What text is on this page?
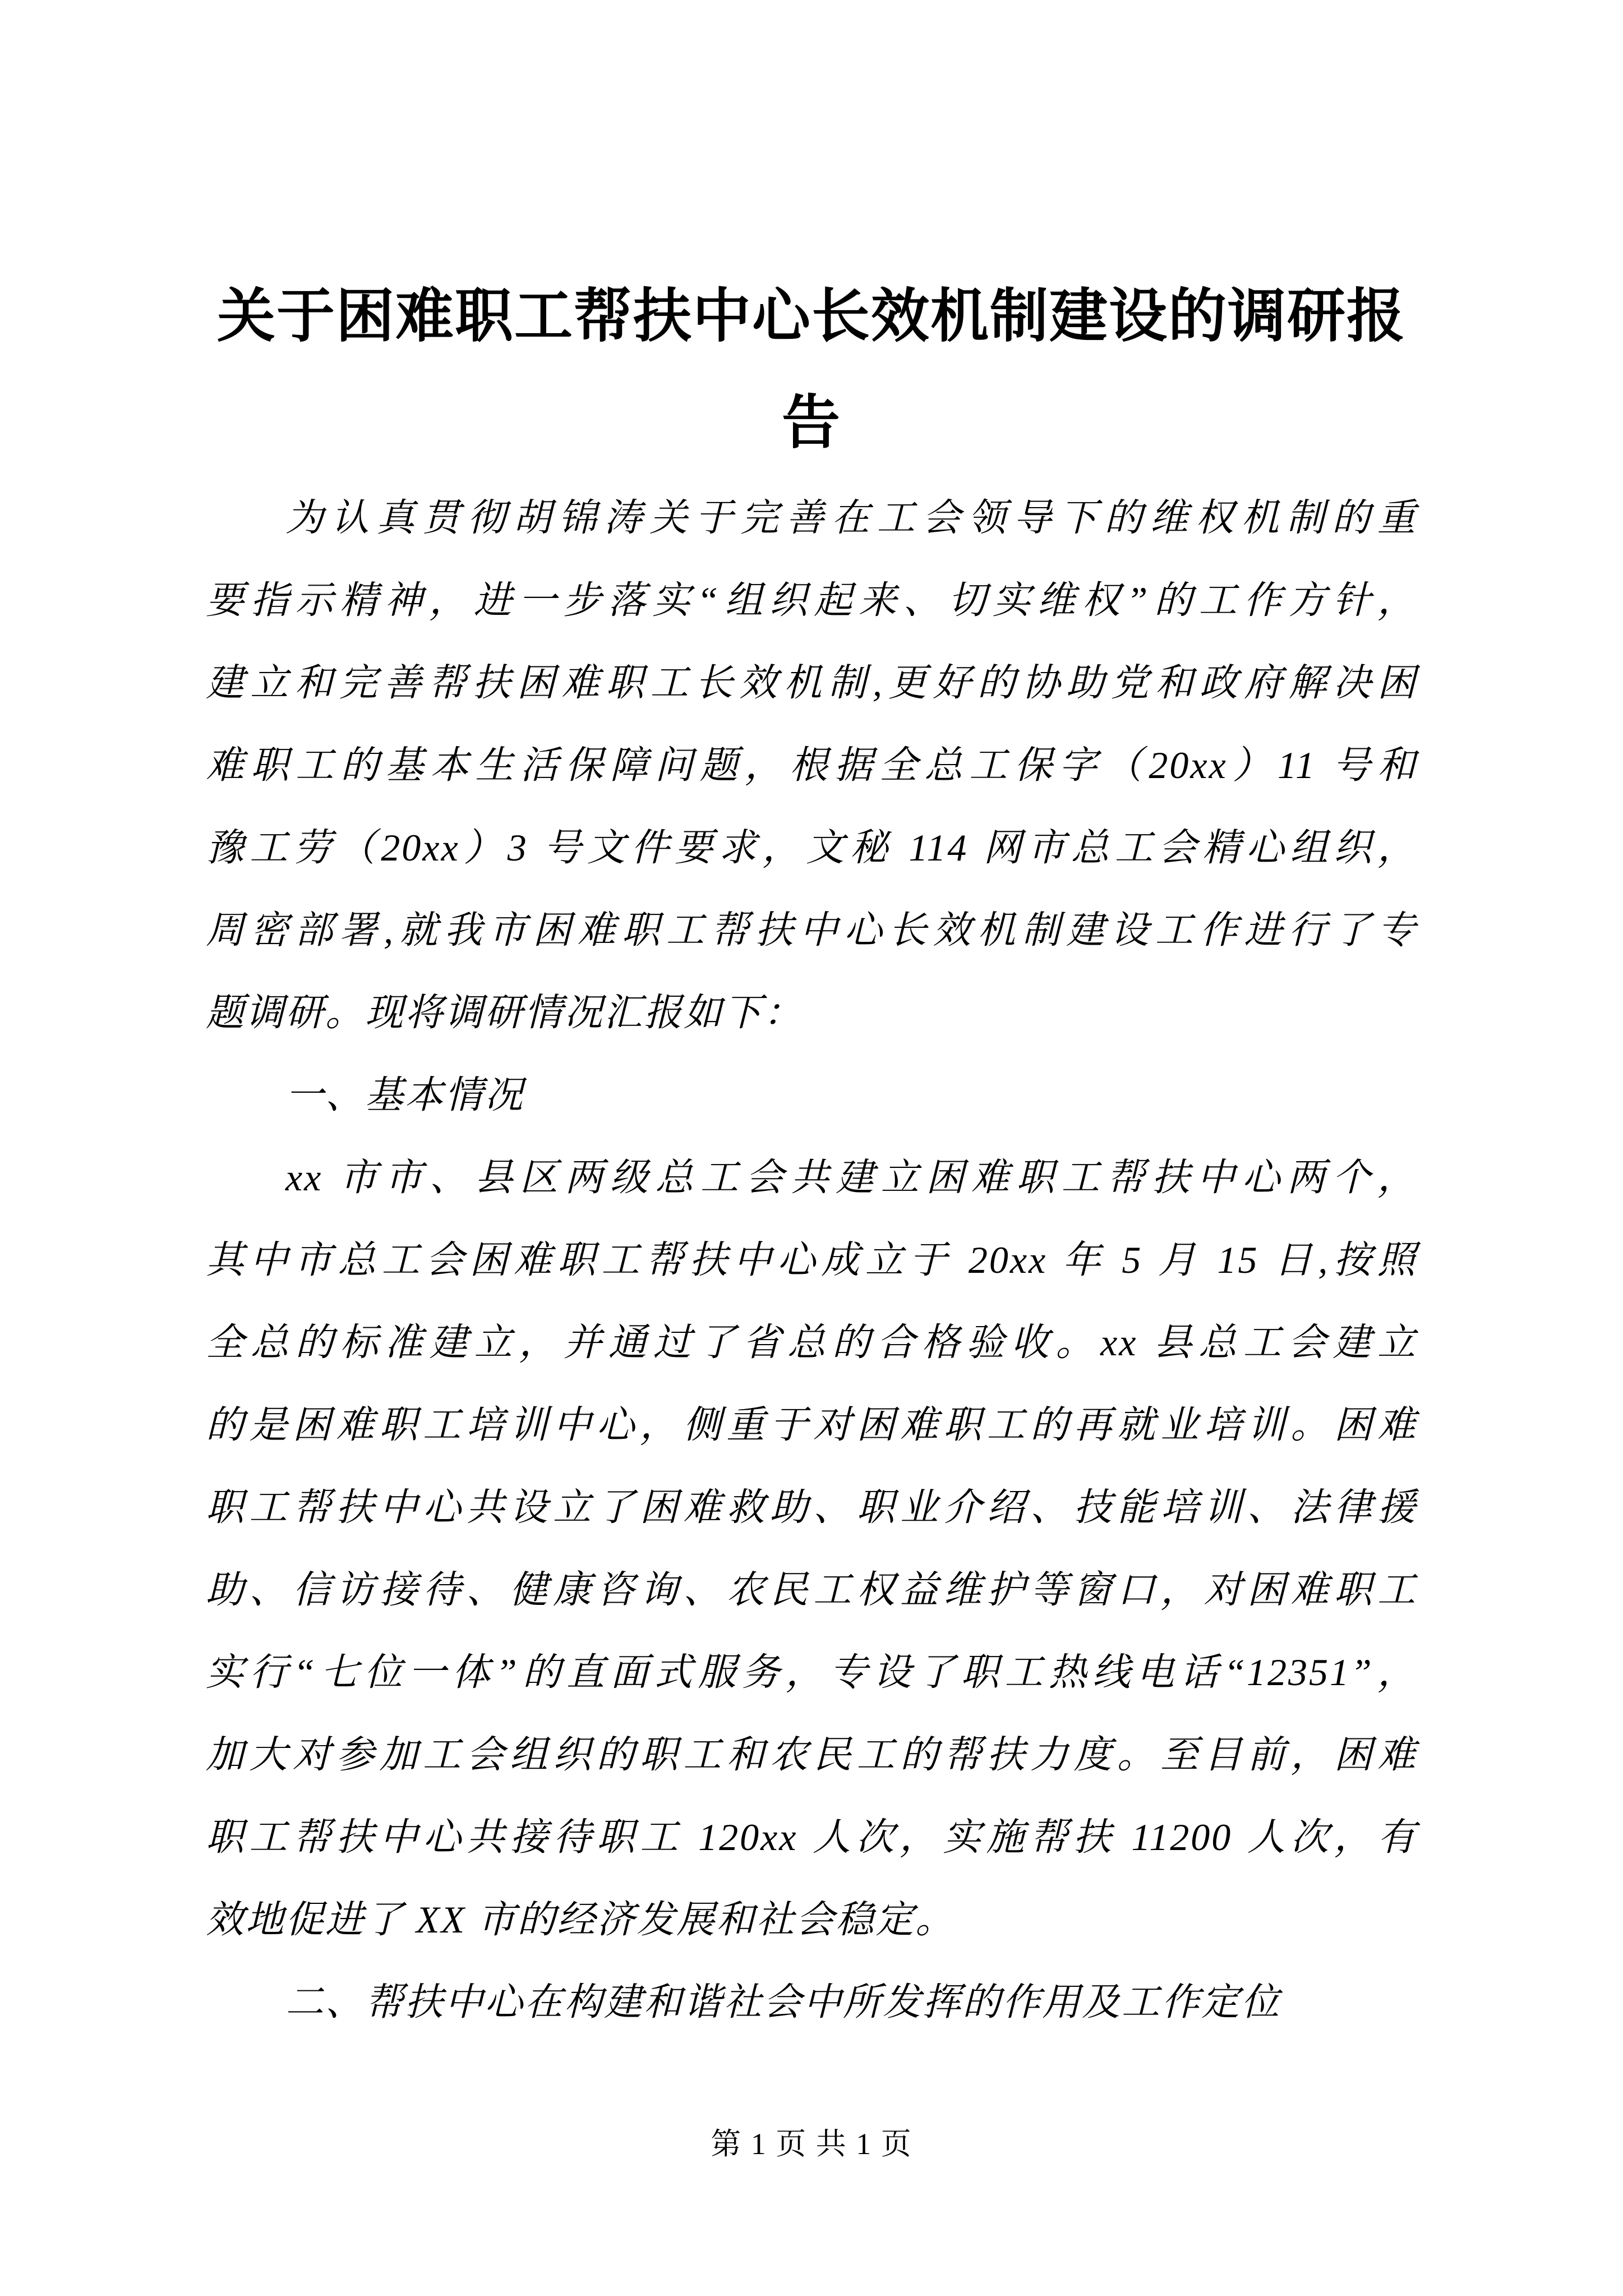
关于困难职工帮扶中心长效机制建设的调研报
告
为认真贯彻胡锦涛关于完善在工会领导下的维权机制的重
要指示精神，进一步落实“组织起来、切实维权”的工作方针，
建立和完善帮扶困难职工长效机制,更好的协助党和政府解决困
难职工的基本生活保障问题，根据全总工保字（20xx）11 号和
豫工劳（20xx）3 号文件要求，文秘 114 网市总工会精心组织，
周密部署,就我市困难职工帮扶中心长效机制建设工作进行了专
题调研。现将调研情况汇报如下：
一、基本情况
xx 市市、县区两级总工会共建立困难职工帮扶中心两个，
其中市总工会困难职工帮扶中心成立于 20xx 年 5 月 15 日,按照
全总的标准建立，并通过了省总的合格验收。xx 县总工会建立
的是困难职工培训中心，侧重于对困难职工的再就业培训。困难
职工帮扶中心共设立了困难救助、职业介绍、技能培训、法律援
助、信访接待、健康咨询、农民工权益维护等窗口，对困难职工
实行“七位一体”的直面式服务，专设了职工热线电话“12351”，
加大对参加工会组织的职工和农民工的帮扶力度。至目前，困难
职工帮扶中心共接待职工 120xx 人次，实施帮扶 11200 人次，有
效地促进了 XX 市的经济发展和社会稳定。
二、帮扶中心在构建和谐社会中所发挥的作用及工作定位
第 1 页 共 1 页
